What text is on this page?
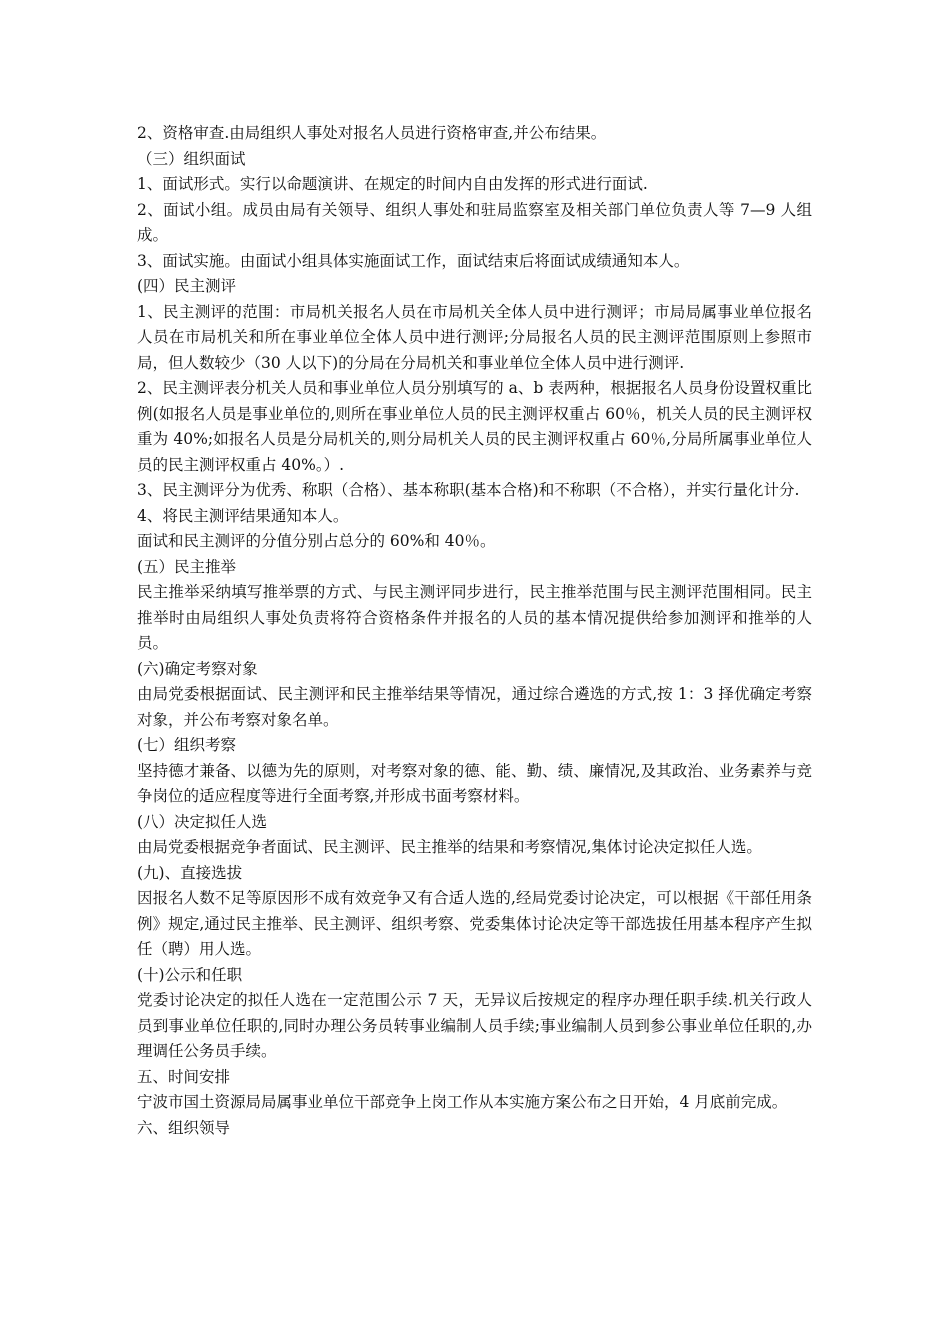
2、资格审查.由局组织人事处对报名人员进行资格审查,并公布结果。

（三）组织面试

1、面试形式。实行以命题演讲、在规定的时间内自由发挥的形式进行面试.

2、面试小组。成员由局有关领导、组织人事处和驻局监察室及相关部门单位负责人等 7—9 人组成。

3、面试实施。由面试小组具体实施面试工作，面试结束后将面试成绩通知本人。

(四）民主测评

1、民主测评的范围：市局机关报名人员在市局机关全体人员中进行测评；市局局属事业单位报名人员在市局机关和所在事业单位全体人员中进行测评;分局报名人员的民主测评范围原则上参照市局，但人数较少（30 人以下)的分局在分局机关和事业单位全体人员中进行测评.

2、民主测评表分机关人员和事业单位人员分别填写的 a、b 表两种，根据报名人员身份设置权重比例(如报名人员是事业单位的,则所在事业单位人员的民主测评权重占 60％，机关人员的民主测评权重为 40%;如报名人员是分局机关的,则分局机关人员的民主测评权重占 60％,分局所属事业单位人员的民主测评权重占 40%。）.

3、民主测评分为优秀、称职（合格）、基本称职(基本合格)和不称职（不合格），并实行量化计分.

4、将民主测评结果通知本人。

面试和民主测评的分值分别占总分的 60%和 40％。

(五）民主推举

民主推举采纳填写推举票的方式、与民主测评同步进行，民主推举范围与民主测评范围相同。民主推举时由局组织人事处负责将符合资格条件并报名的人员的基本情况提供给参加测评和推举的人员。

(六)确定考察对象

由局党委根据面试、民主测评和民主推举结果等情况，通过综合遴选的方式,按 1：3 择优确定考察对象，并公布考察对象名单。

(七）组织考察

坚持德才兼备、以德为先的原则，对考察对象的德、能、勤、绩、廉情况,及其政治、业务素养与竞争岗位的适应程度等进行全面考察,并形成书面考察材料。

(八）决定拟任人选

由局党委根据竞争者面试、民主测评、民主推举的结果和考察情况,集体讨论决定拟任人选。

(九)、直接选拔

因报名人数不足等原因形不成有效竞争又有合适人选的,经局党委讨论决定，可以根据《干部任用条例》规定,通过民主推举、民主测评、组织考察、党委集体讨论决定等干部选拔任用基本程序产生拟任（聘）用人选。

(十)公示和任职

党委讨论决定的拟任人选在一定范围公示 7 天，无异议后按规定的程序办理任职手续.机关行政人员到事业单位任职的,同时办理公务员转事业编制人员手续;事业编制人员到参公事业单位任职的,办理调任公务员手续。

五、时间安排

宁波市国土资源局局属事业单位干部竞争上岗工作从本实施方案公布之日开始，4 月底前完成。

六、组织领导
